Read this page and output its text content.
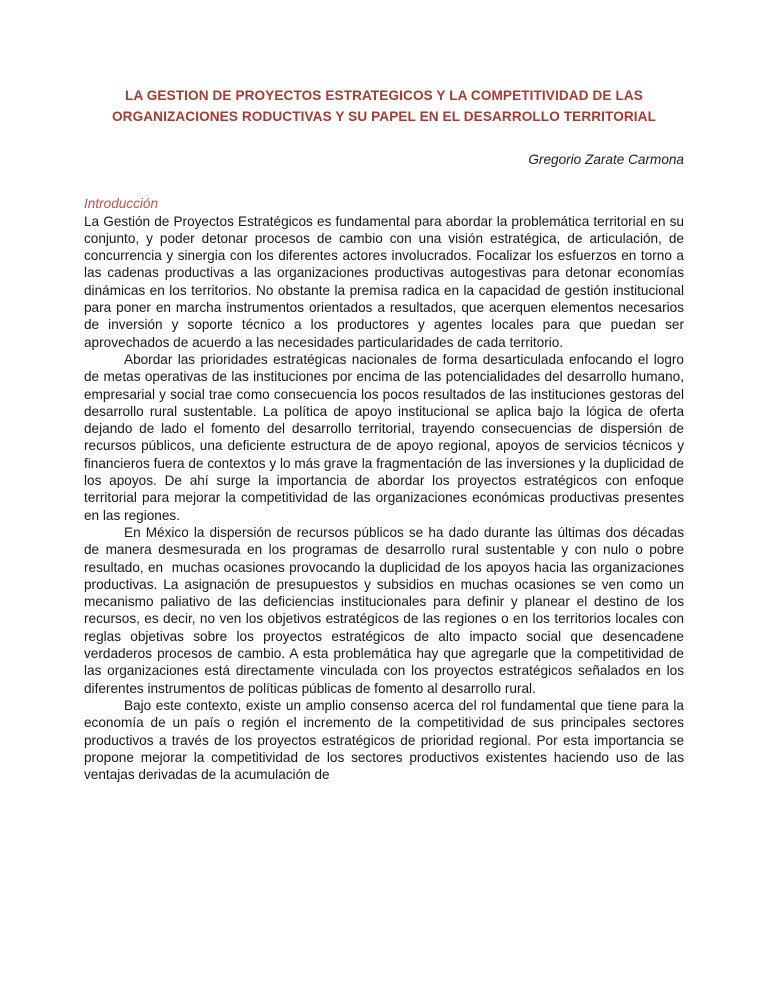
LA GESTION DE PROYECTOS ESTRATEGICOS Y LA COMPETITIVIDAD DE LAS ORGANIZACIONES RODUCTIVAS Y SU PAPEL EN EL DESARROLLO TERRITORIAL
Gregorio Zarate Carmona
Introducción

La Gestión de Proyectos Estratégicos es fundamental para abordar la problemática territorial en su conjunto, y poder detonar procesos de cambio con una visión estratégica, de articulación, de concurrencia y sinergia con los diferentes actores involucrados. Focalizar los esfuerzos en torno a las cadenas productivas a las organizaciones productivas autogestivas para detonar economías dinámicas en los territorios. No obstante la premisa radica en la capacidad de gestión institucional para poner en marcha instrumentos orientados a resultados, que acerquen elementos necesarios de inversión y soporte técnico a los productores y agentes locales para que puedan ser aprovechados de acuerdo a las necesidades particularidades de cada territorio.

Abordar las prioridades estratégicas nacionales de forma desarticulada enfocando el logro de metas operativas de las instituciones por encima de las potencialidades del desarrollo humano, empresarial y social trae como consecuencia los pocos resultados de las instituciones gestoras del desarrollo rural sustentable. La política de apoyo institucional se aplica bajo la lógica de oferta dejando de lado el fomento del desarrollo territorial, trayendo consecuencias de dispersión de recursos públicos, una deficiente estructura de de apoyo regional, apoyos de servicios técnicos y financieros fuera de contextos y lo más grave la fragmentación de las inversiones y la duplicidad de los apoyos. De ahí surge la importancia de abordar los proyectos estratégicos con enfoque territorial para mejorar la competitividad de las organizaciones económicas productivas presentes en las regiones.

En México la dispersión de recursos públicos se ha dado durante las últimas dos décadas de manera desmesurada en los programas de desarrollo rural sustentable y con nulo o pobre resultado, en  muchas ocasiones provocando la duplicidad de los apoyos hacia las organizaciones productivas. La asignación de presupuestos y subsidios en muchas ocasiones se ven como un mecanismo paliativo de las deficiencias institucionales para definir y planear el destino de los recursos, es decir, no ven los objetivos estratégicos de las regiones o en los territorios locales con reglas objetivas sobre los proyectos estratégicos de alto impacto social que desencadene verdaderos procesos de cambio. A esta problemática hay que agregarle que la competitividad de las organizaciones está directamente vinculada con los proyectos estratégicos señalados en los diferentes instrumentos de políticas públicas de fomento al desarrollo rural.

Bajo este contexto, existe un amplio consenso acerca del rol fundamental que tiene para la economía de un país o región el incremento de la competitividad de sus principales sectores productivos a través de los proyectos estratégicos de prioridad regional. Por esta importancia se propone mejorar la competitividad de los sectores productivos existentes haciendo uso de las ventajas derivadas de la acumulación de
